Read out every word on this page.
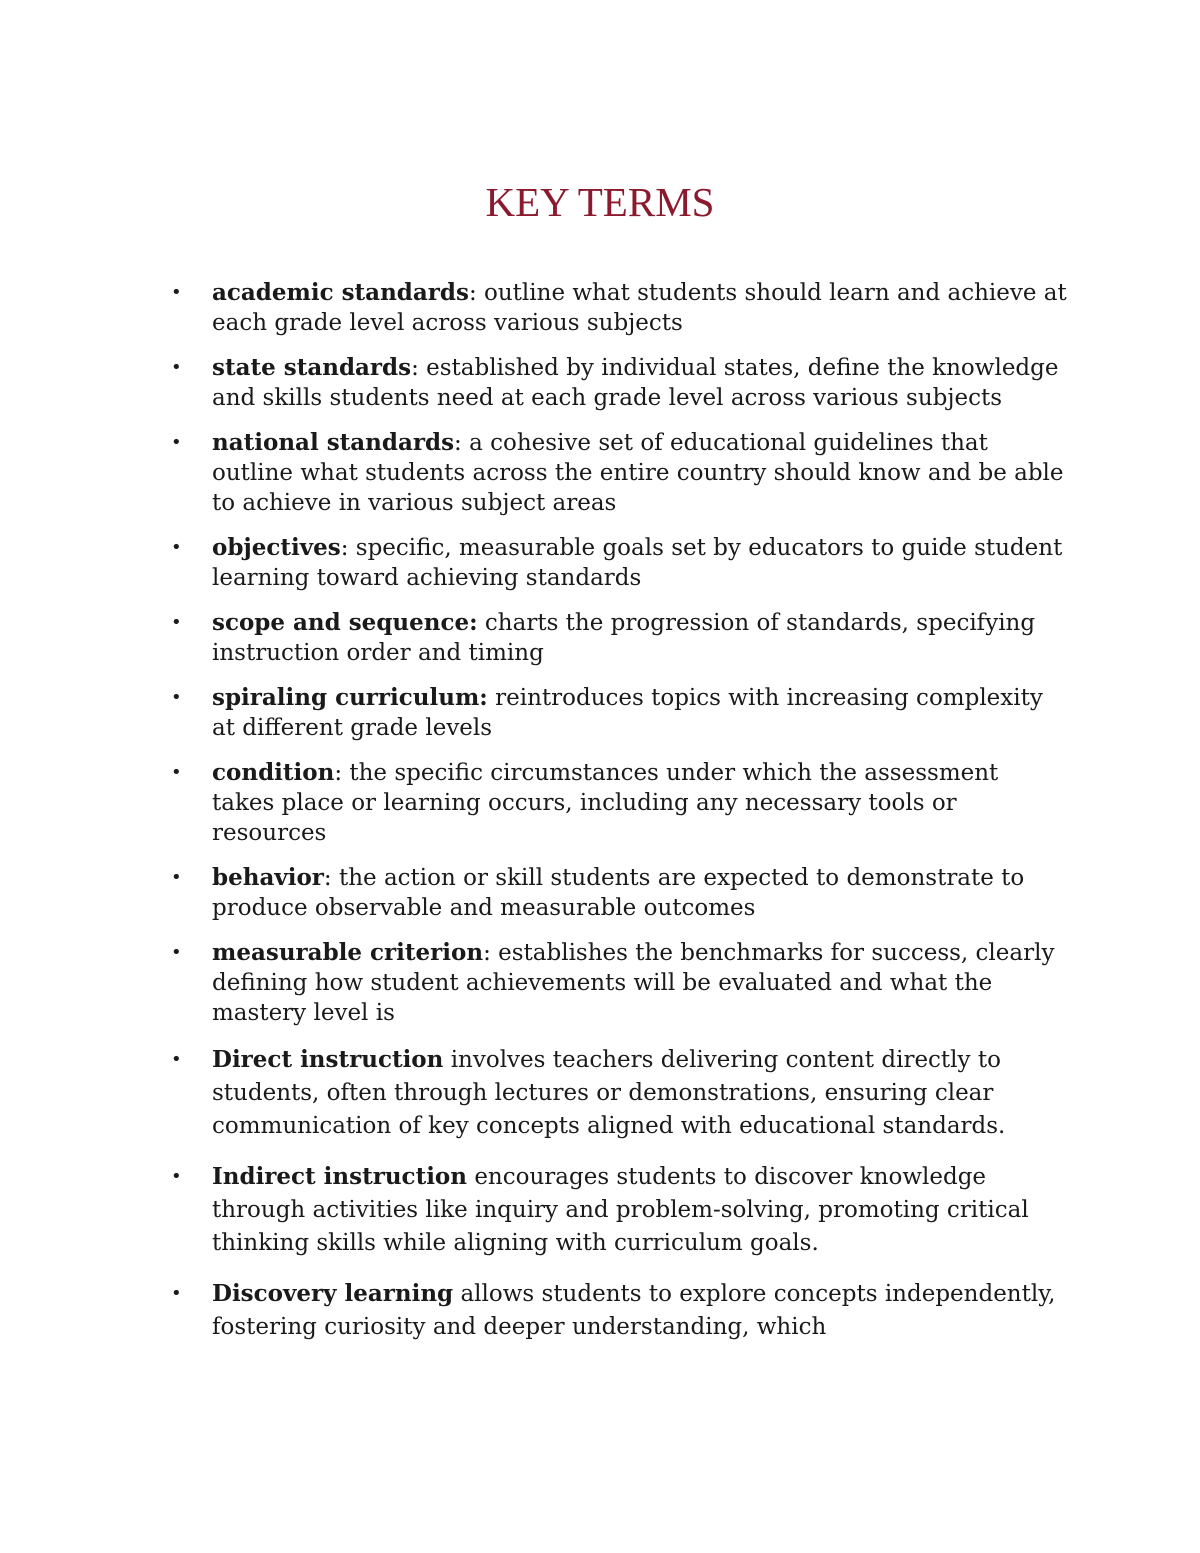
KEY TERMS
• academic standards: outline what students should learn and achieve at each grade level across various subjects
• state standards: established by individual states, define the knowledge and skills students need at each grade level across various subjects
• national standards: a cohesive set of educational guidelines that outline what students across the entire country should know and be able to achieve in various subject areas
• objectives: specific, measurable goals set by educators to guide student learning toward achieving standards
• scope and sequence: charts the progression of standards, specifying instruction order and timing
• spiraling curriculum: reintroduces topics with increasing complexity at different grade levels
• condition: the specific circumstances under which the assessment takes place or learning occurs, including any necessary tools or resources
• behavior: the action or skill students are expected to demonstrate to produce observable and measurable outcomes
• measurable criterion: establishes the benchmarks for success, clearly defining how student achievements will be evaluated and what the mastery level is
• Direct instruction involves teachers delivering content directly to students, often through lectures or demonstrations, ensuring clear communication of key concepts aligned with educational standards.
• Indirect instruction encourages students to discover knowledge through activities like inquiry and problem-solving, promoting critical thinking skills while aligning with curriculum goals.
• Discovery learning allows students to explore concepts independently, fostering curiosity and deeper understanding, which
